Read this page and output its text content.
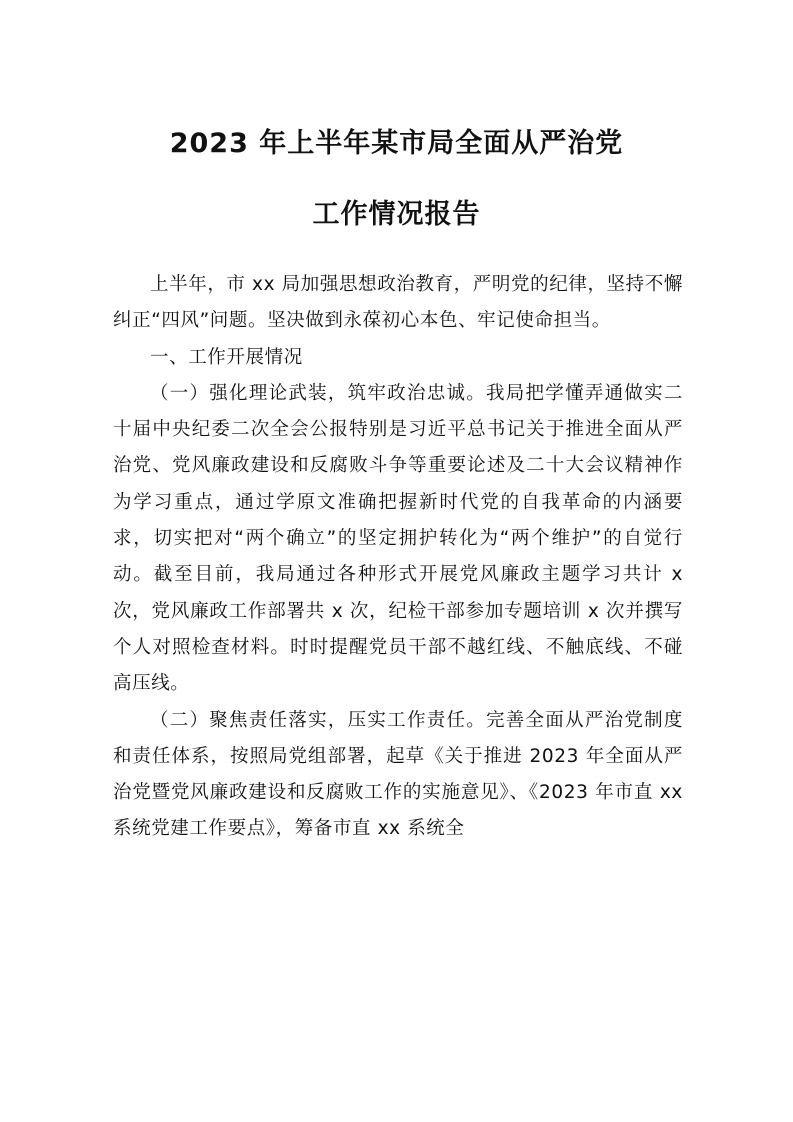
2023 年上半年某市局全面从严治党
工作情况报告

上半年，市 xx 局加强思想政治教育，严明党的纪律，坚持不懈纠正“四风”问题。坚决做到永葆初心本色、牢记使命担当。

一、工作开展情况

（一）强化理论武装，筑牢政治忠诚。我局把学懂弄通做实二十届中央纪委二次全会公报特别是习近平总书记关于推进全面从严治党、党风廉政建设和反腐败斗争等重要论述及二十大会议精神作为学习重点，通过学原文准确把握新时代党的自我革命的内涵要求，切实把对“两个确立”的坚定拥护转化为“两个维护”的自觉行动。截至目前，我局通过各种形式开展党风廉政主题学习共计 x 次，党风廉政工作部署共 x 次，纪检干部参加专题培训 x 次并撰写个人对照检查材料。时时提醒党员干部不越红线、不触底线、不碰高压线。

（二）聚焦责任落实，压实工作责任。完善全面从严治党制度和责任体系，按照局党组部署，起草《关于推进 2023 年全面从严治党暨党风廉政建设和反腐败工作的实施意见》、《2023 年市直 xx 系统党建工作要点》，筹备市直 xx 系统全
